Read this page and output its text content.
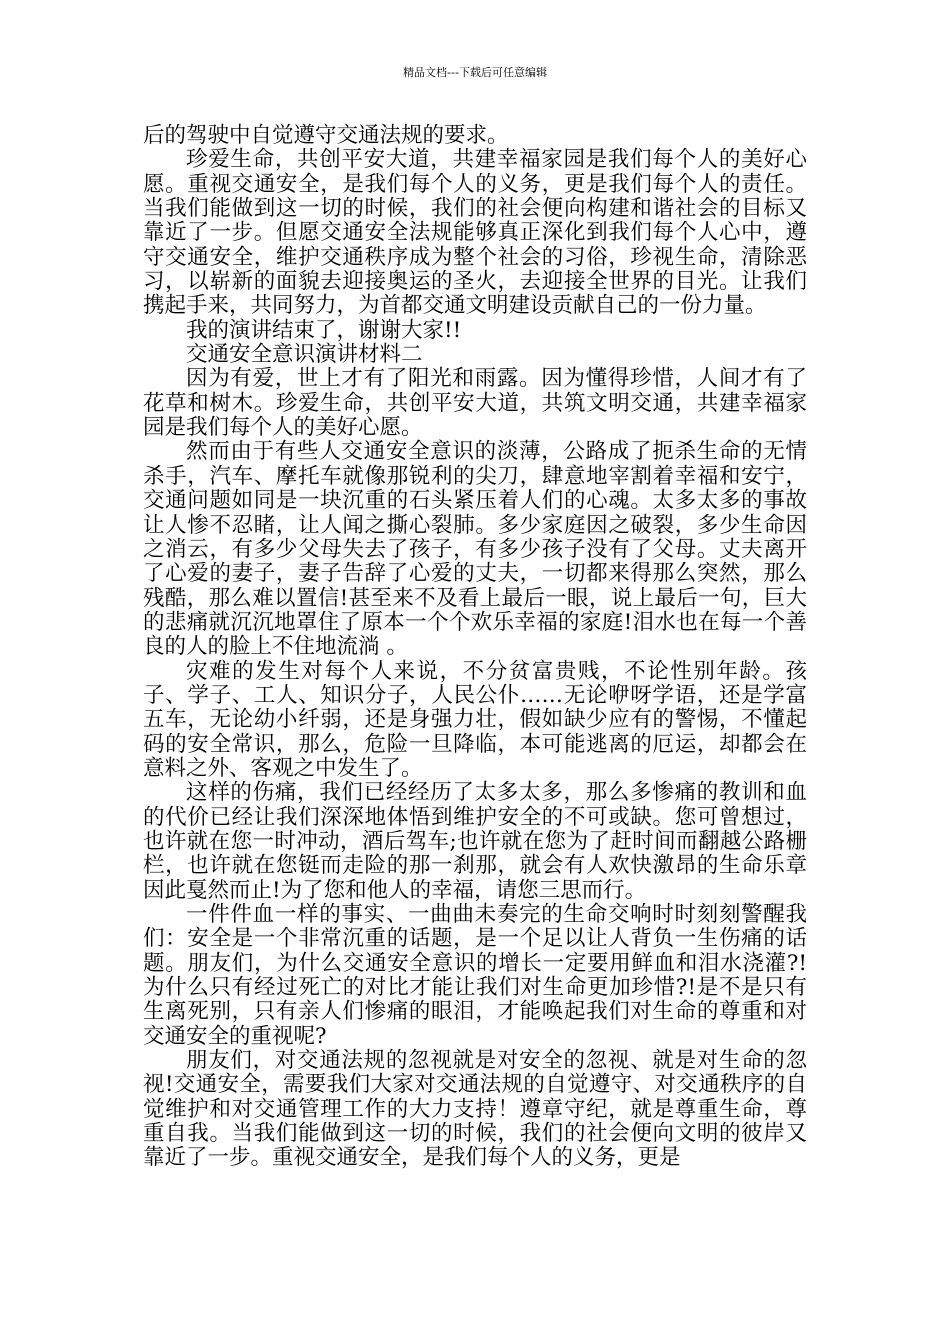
精品文档---下载后可任意编辑

后的驾驶中自觉遵守交通法规的要求。

珍爱生命，共创平安大道，共建幸福家园是我们每个人的美好心愿。重视交通安全，是我们每个人的义务，更是我们每个人的责任。当我们能做到这一切的时候，我们的社会便向构建和谐社会的目标又靠近了一步。但愿交通安全法规能够真正深化到我们每个人心中，遵守交通安全，维护交通秩序成为整个社会的习俗，珍视生命，清除恶习，以崭新的面貌去迎接奥运的圣火，去迎接全世界的目光。让我们携起手来，共同努力，为首都交通文明建设贡献自己的一份力量。

我的演讲结束了，谢谢大家!!

交通安全意识演讲材料二

因为有爱，世上才有了阳光和雨露。因为懂得珍惜，人间才有了花草和树木。珍爱生命，共创平安大道，共筑文明交通，共建幸福家园是我们每个人的美好心愿。

然而由于有些人交通安全意识的淡薄，公路成了扼杀生命的无情杀手，汽车、摩托车就像那锐利的尖刀，肆意地宰割着幸福和安宁，交通问题如同是一块沉重的石头紧压着人们的心魂。太多太多的事故让人惨不忍睹，让人闻之撕心裂肺。多少家庭因之破裂，多少生命因之消云，有多少父母失去了孩子，有多少孩子没有了父母。丈夫离开了心爱的妻子，妻子告辞了心爱的丈夫，一切都来得那么突然，那么残酷，那么难以置信!甚至来不及看上最后一眼，说上最后一句，巨大的悲痛就沉沉地罩住了原本一个个欢乐幸福的家庭!泪水也在每一个善良的人的脸上不住地流淌 。

灾难的发生对每个人来说，不分贫富贵贱，不论性别年龄。孩子、学子、工人、知识分子，人民公仆……无论咿呀学语，还是学富五车，无论幼小纤弱，还是身强力壮，假如缺少应有的警惕，不懂起码的安全常识，那么，危险一旦降临，本可能逃离的厄运，却都会在意料之外、客观之中发生了。

这样的伤痛，我们已经经历了太多太多，那么多惨痛的教训和血的代价已经让我们深深地体悟到维护安全的不可或缺。您可曾想过，也许就在您一时冲动，酒后驾车;也许就在您为了赶时间而翻越公路栅栏，也许就在您铤而走险的那一刹那，就会有人欢快激昂的生命乐章因此戛然而止!为了您和他人的幸福，请您三思而行。

一件件血一样的事实、一曲曲未奏完的生命交响时时刻刻警醒我们：安全是一个非常沉重的话题，是一个足以让人背负一生伤痛的话题。朋友们，为什么交通安全意识的增长一定要用鲜血和泪水浇灌?!为什么只有经过死亡的对比才能让我们对生命更加珍惜?!是不是只有生离死别，只有亲人们惨痛的眼泪，才能唤起我们对生命的尊重和对交通安全的重视呢?

朋友们，对交通法规的忽视就是对安全的忽视、就是对生命的忽视!交通安全，需要我们大家对交通法规的自觉遵守、对交通秩序的自觉维护和对交通管理工作的大力支持！遵章守纪，就是尊重生命，尊重自我。当我们能做到这一切的时候，我们的社会便向文明的彼岸又靠近了一步。重视交通安全，是我们每个人的义务，更是
